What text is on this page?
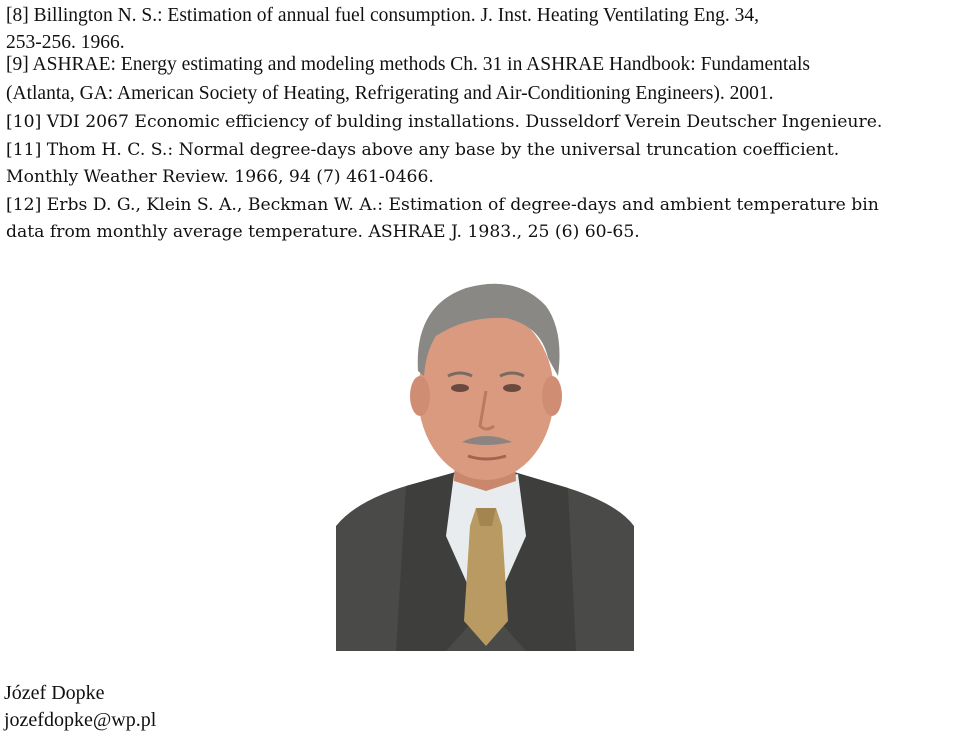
[8] Billington N. S.: Estimation of annual fuel consumption. J. Inst. Heating Ventilating Eng. 34,
253-256. 1966.
[9] ASHRAE: Energy estimating and modeling methods Ch. 31 in ASHRAE Handbook: Fundamentals
(Atlanta, GA: American Society of Heating, Refrigerating and Air-Conditioning Engineers). 2001.
[10] VDI 2067 Economic efficiency of bulding installations. Dusseldorf Verein Deutscher Ingenieure.
[11] Thom H. C. S.: Normal degree-days above any base by the universal truncation coefficient.
Monthly Weather Review. 1966, 94 (7) 461-0466.
[12] Erbs D. G., Klein S. A., Beckman W. A.: Estimation of degree-days and ambient temperature bin
data from monthly average temperature. ASHRAE J. 1983., 25 (6) 60-65.
Józef Dopke
jozefdopke@wp.pl
